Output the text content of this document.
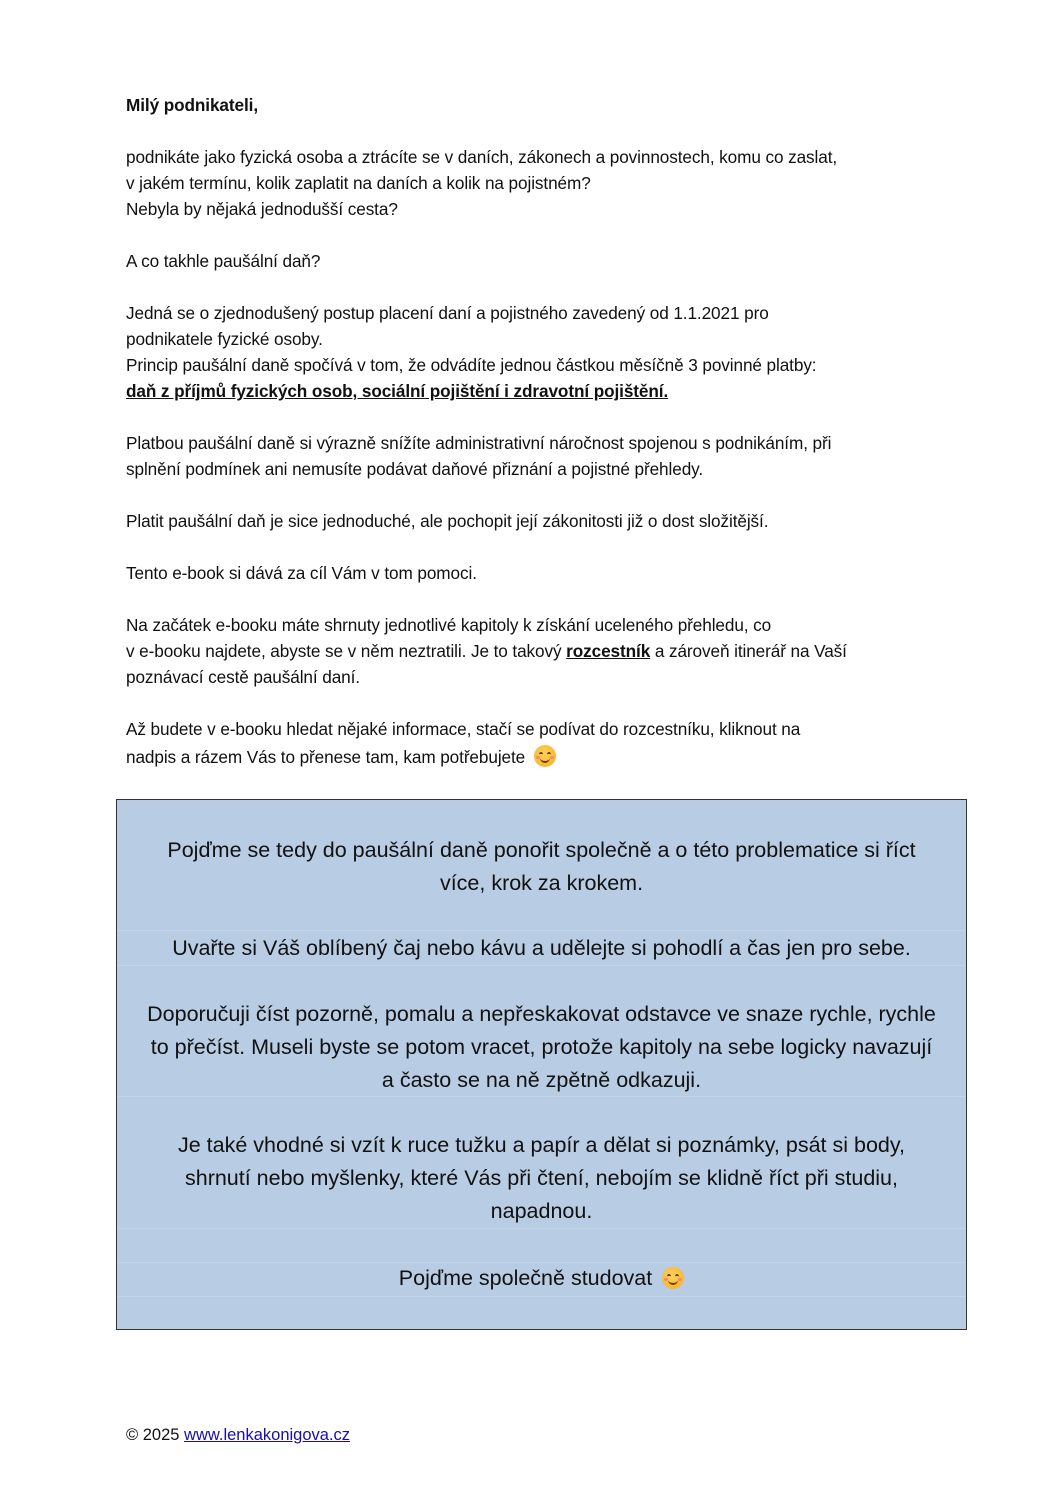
Milý podnikateli,
podnikáte jako fyzická osoba a ztrácíte se v daních, zákonech a povinnostech, komu co zaslat,
v jakém termínu, kolik zaplatit na daních a kolik na pojistném?
Nebyla by nějaká jednodušší cesta?
A co takhle paušální daň?
Jedná se o zjednodušený postup placení daní a pojistného zavedený od 1.1.2021 pro
podnikatele fyzické osoby.
Princip paušální daně spočívá v tom, že odvádíte jednou částkou měsíčně 3 povinné platby:
daň z příjmů fyzických osob, sociální pojištění i zdravotní pojištění.
Platbou paušální daně si výrazně snížíte administrativní náročnost spojenou s podnikáním, při
splnění podmínek ani nemusíte podávat daňové přiznání a pojistné přehledy.
Platit paušální daň je sice jednoduché, ale pochopit její zákonitosti již o dost složitější.
Tento e-book si dává za cíl Vám v tom pomoci.
Na začátek e-booku máte shrnuty jednotlivé kapitoly k získání uceleného přehledu, co
v e-booku najdete, abyste se v něm neztratili. Je to takový rozcestník a zároveň itinerář na Vaší
poznávací cestě paušální daní.
Až budete v e-booku hledat nějaké informace, stačí se podívat do rozcestníku, kliknout na
nadpis a rázem Vás to přenese tam, kam potřebujete
Pojďme se tedy do paušální daně ponořit společně a o této problematice si říct
více, krok za krokem.
Uvařte si Váš oblíbený čaj nebo kávu a udělejte si pohodlí a čas jen pro sebe.
Doporučuji číst pozorně, pomalu a nepřeskakovat odstavce ve snaze rychle, rychle
to přečíst. Museli byste se potom vracet, protože kapitoly na sebe logicky navazují
a často se na ně zpětně odkazuji.
Je také vhodné si vzít k ruce tužku a papír a dělat si poznámky, psát si body,
shrnutí nebo myšlenky, které Vás při čtení, nebojím se klidně říct při studiu,
napadnou.
Pojďme společně studovat
© 2025 www.lenkakonigova.cz
